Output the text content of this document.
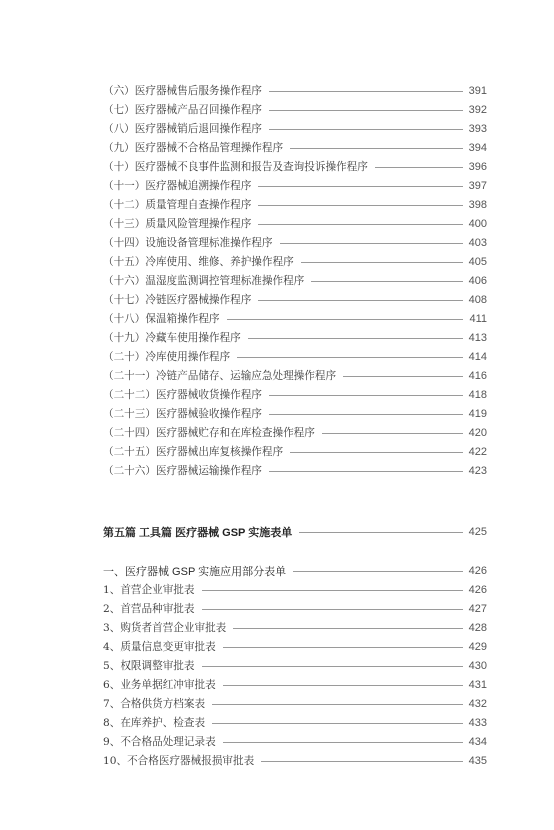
（六）医疗器械售后服务操作程序	391
（七）医疗器械产品召回操作程序	392
（八）医疗器械销后退回操作程序	393
（九）医疗器械不合格品管理操作程序	394
（十）医疗器械不良事件监测和报告及查询投诉操作程序	396
（十一）医疗器械追溯操作程序	397
（十二）质量管理自查操作程序	398
（十三）质量风险管理操作程序	400
（十四）设施设备管理标准操作程序	403
（十五）冷库使用、维修、养护操作程序	405
（十六）温湿度监测调控管理标准操作程序	406
（十七）冷链医疗器械操作程序	408
（十八）保温箱操作程序	411
（十九）冷藏车使用操作程序	413
（二十）冷库使用操作程序	414
（二十一）冷链产品储存、运输应急处理操作程序	416
（二十二）医疗器械收货操作程序	418
（二十三）医疗器械验收操作程序	419
（二十四）医疗器械贮存和在库检查操作程序	420
（二十五）医疗器械出库复核操作程序	422
（二十六）医疗器械运输操作程序	423
第五篇 工具篇 医疗器械 GSP 实施表单	425
一、医疗器械 GSP 实施应用部分表单	426
1、首营企业审批表	426
2、首营品种审批表	427
3、购货者首营企业审批表	428
4、质量信息变更审批表	429
5、权限调整审批表	430
6、业务单据红冲审批表	431
7、合格供货方档案表	432
8、在库养护、检查表	433
9、不合格品处理记录表	434
10、不合格医疗器械报损审批表	435
